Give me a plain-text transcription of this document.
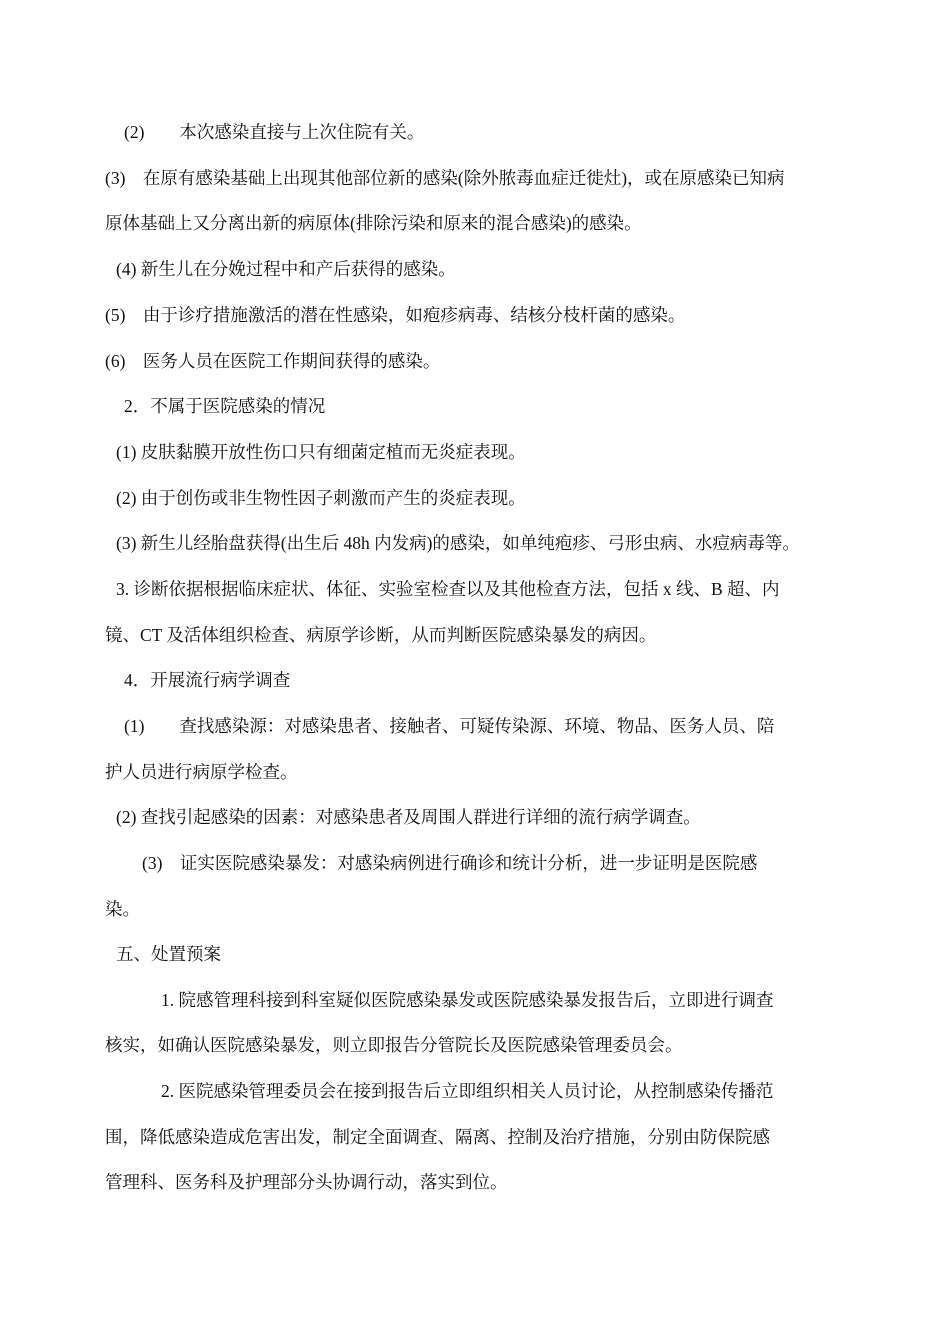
(2)　　本次感染直接与上次住院有关。
(3)　在原有感染基础上出现其他部位新的感染(除外脓毒血症迁徙灶)，或在原感染已知病
原体基础上又分离出新的病原体(排除污染和原来的混合感染)的感染。
(4) 新生儿在分娩过程中和产后获得的感染。
(5)　由于诊疗措施激活的潜在性感染，如疱疹病毒、结核分枝杆菌的感染。
(6)　医务人员在医院工作期间获得的感染。
2．不属于医院感染的情况
(1) 皮肤黏膜开放性伤口只有细菌定植而无炎症表现。
(2) 由于创伤或非生物性因子刺激而产生的炎症表现。
(3) 新生儿经胎盘获得(出生后 48h 内发病)的感染，如单纯疱疹、弓形虫病、水痘病毒等。
3. 诊断依据根据临床症状、体征、实验室检查以及其他检查方法，包括 x 线、B 超、内
镜、CT 及活体组织检查、病原学诊断，从而判断医院感染暴发的病因。
4．开展流行病学调查
(1)　　查找感染源：对感染患者、接触者、可疑传染源、环境、物品、医务人员、陪
护人员进行病原学检查。
(2) 查找引起感染的因素：对感染患者及周围人群进行详细的流行病学调查。
(3)　证实医院感染暴发：对感染病例进行确诊和统计分析，进一步证明是医院感
染。
五、处置预案
1. 院感管理科接到科室疑似医院感染暴发或医院感染暴发报告后，立即进行调查
核实，如确认医院感染暴发，则立即报告分管院长及医院感染管理委员会。
2. 医院感染管理委员会在接到报告后立即组织相关人员讨论，从控制感染传播范
围，降低感染造成危害出发，制定全面调查、隔离、控制及治疗措施，分别由防保院感
管理科、医务科及护理部分头协调行动，落实到位。
